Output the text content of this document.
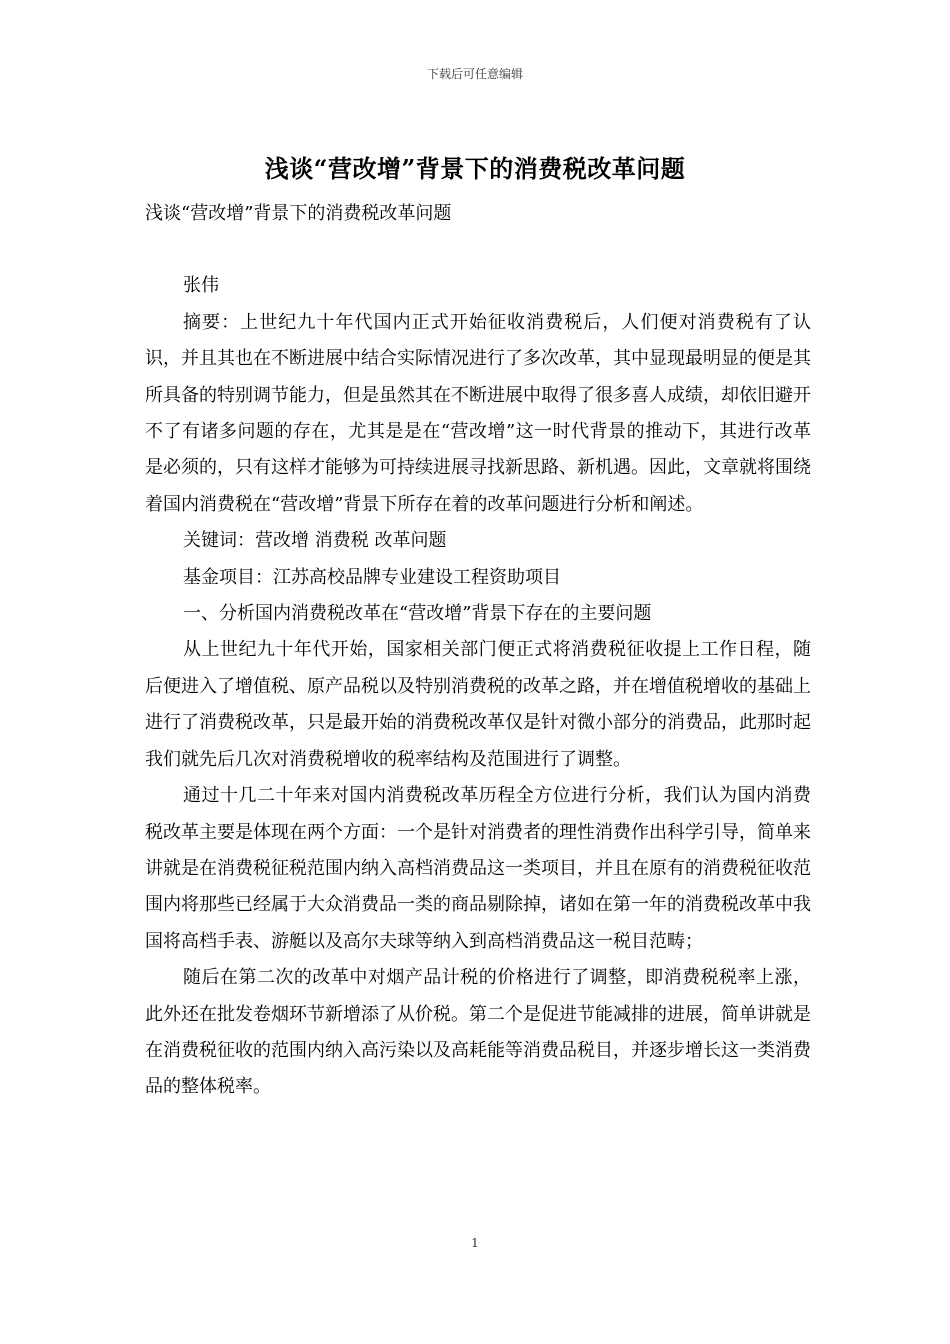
下载后可任意编辑
浅谈“营改增”背景下的消费税改革问题

浅谈“营改增”背景下的消费税改革问题

张伟

摘要：上世纪九十年代国内正式开始征收消费税后，人们便对消费税有了认识，并且其也在不断进展中结合实际情况进行了多次改革，其中显现最明显的便是其所具备的特别调节能力，但是虽然其在不断进展中取得了很多喜人成绩，却依旧避开不了有诸多问题的存在，尤其是是在“营改增”这一时代背景的推动下，其进行改革是必须的，只有这样才能够为可持续进展寻找新思路、新机遇。因此，文章就将围绕着国内消费税在“营改增”背景下所存在着的改革问题进行分析和阐述。

关键词：营改增 消费税 改革问题

基金项目：江苏高校品牌专业建设工程资助项目

一、分析国内消费税改革在“营改增”背景下存在的主要问题

从上世纪九十年代开始，国家相关部门便正式将消费税征收提上工作日程，随后便进入了增值税、原产品税以及特别消费税的改革之路，并在增值税增收的基础上进行了消费税改革，只是最开始的消费税改革仅是针对微小部分的消费品，此那时起我们就先后几次对消费税增收的税率结构及范围进行了调整。

通过十几二十年来对国内消费税改革历程全方位进行分析，我们认为国内消费税改革主要是体现在两个方面：一个是针对消费者的理性消费作出科学引导，简单来讲就是在消费税征税范围内纳入高档消费品这一类项目，并且在原有的消费税征收范围内将那些已经属于大众消费品一类的商品剔除掉，诸如在第一年的消费税改革中我国将高档手表、游艇以及高尔夫球等纳入到高档消费品这一税目范畴；

随后在第二次的改革中对烟产品计税的价格进行了调整，即消费税税率上涨，此外还在批发卷烟环节新增添了从价税。第二个是促进节能减排的进展，简单讲就是在消费税征收的范围内纳入高污染以及高耗能等消费品税目，并逐步增长这一类消费品的整体税率。

1
